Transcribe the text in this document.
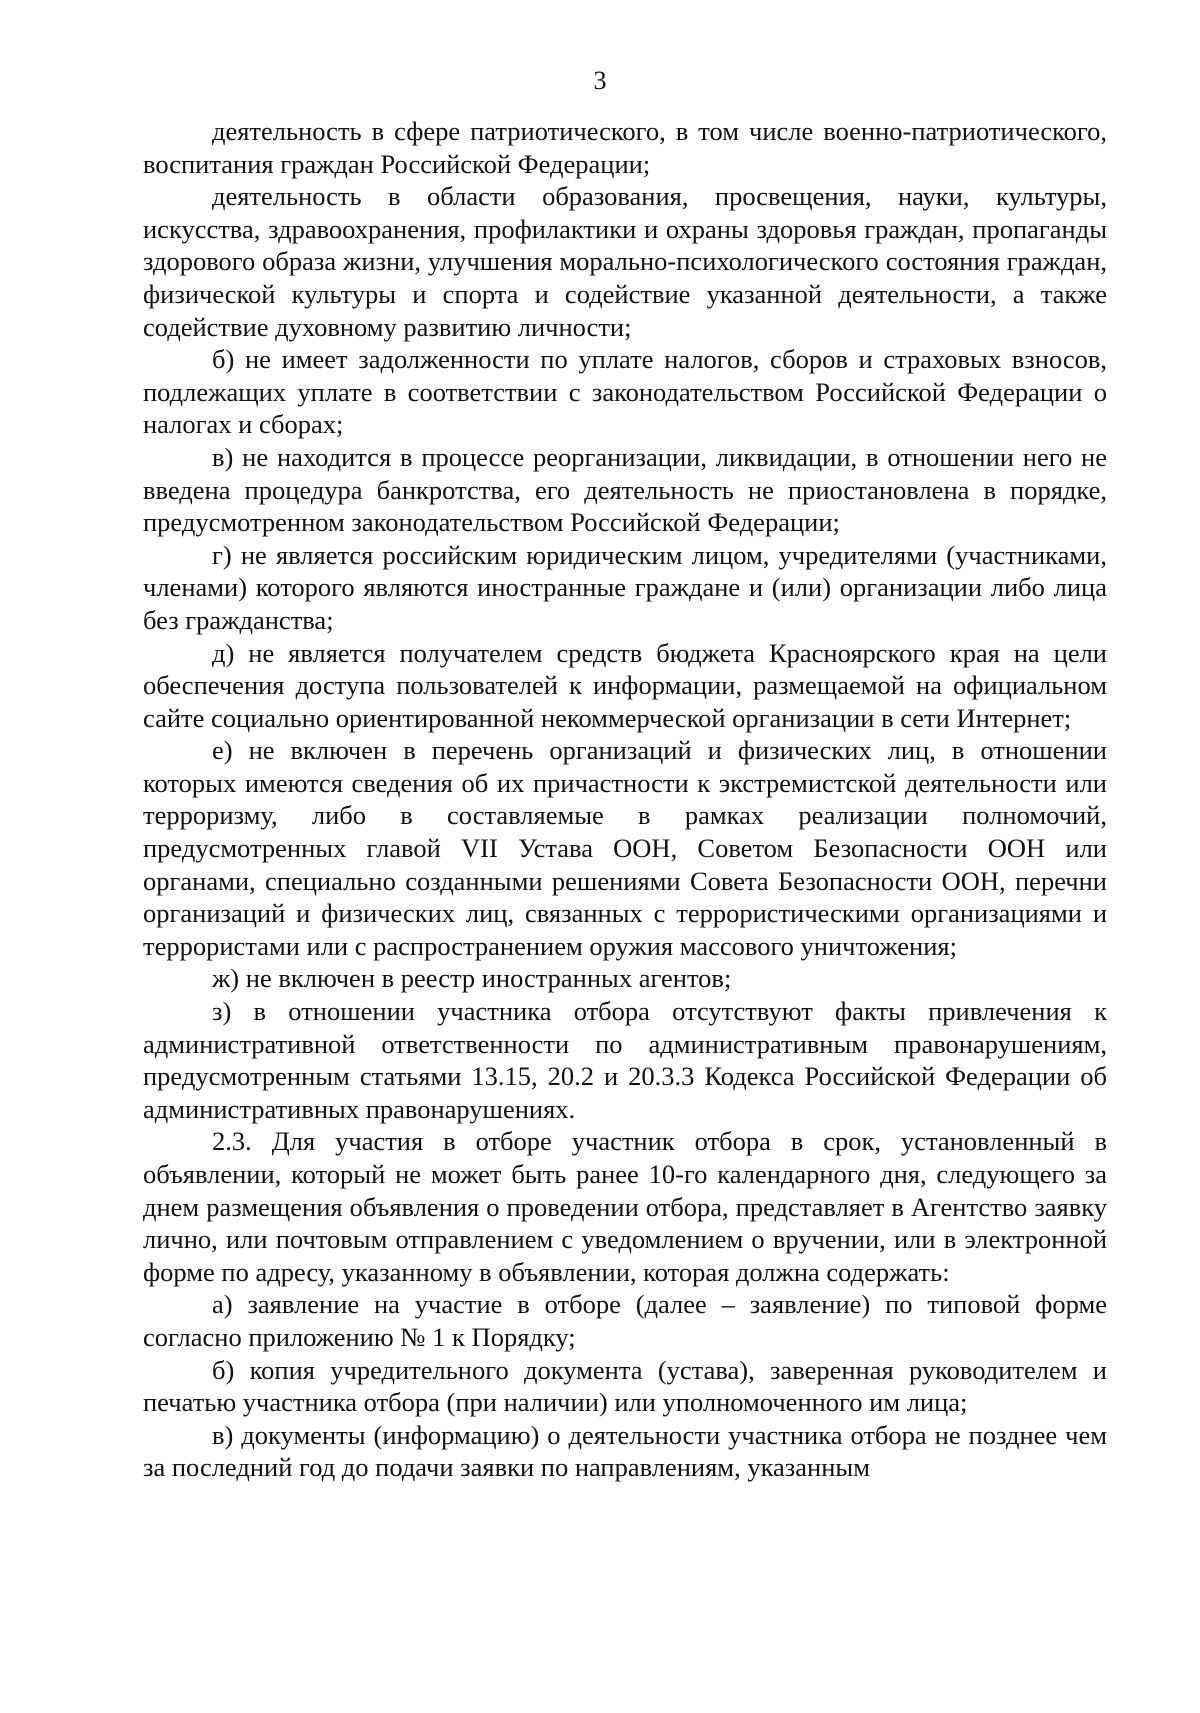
3

деятельность в сфере патриотического, в том числе военно-патриотического, воспитания граждан Российской Федерации;

деятельность в области образования, просвещения, науки, культуры, искусства, здравоохранения, профилактики и охраны здоровья граждан, пропаганды здорового образа жизни, улучшения морально-психологического состояния граждан, физической культуры и спорта и содействие указанной деятельности, а также содействие духовному развитию личности;

б) не имеет задолженности по уплате налогов, сборов и страховых взносов, подлежащих уплате в соответствии с законодательством Российской Федерации о налогах и сборах;

в) не находится в процессе реорганизации, ликвидации, в отношении него не введена процедура банкротства, его деятельность не приостановлена в порядке, предусмотренном законодательством Российской Федерации;

г) не является российским юридическим лицом, учредителями (участниками, членами) которого являются иностранные граждане и (или) организации либо лица без гражданства;

д) не является получателем средств бюджета Красноярского края на цели обеспечения доступа пользователей к информации, размещаемой на официальном сайте социально ориентированной некоммерческой организации в сети Интернет;

е) не включен в перечень организаций и физических лиц, в отношении которых имеются сведения об их причастности к экстремистской деятельности или терроризму, либо в составляемые в рамках реализации полномочий, предусмотренных главой VII Устава ООН, Советом Безопасности ООН или органами, специально созданными решениями Совета Безопасности ООН, перечни организаций и физических лиц, связанных с террористическими организациями и террористами или с распространением оружия массового уничтожения;

ж) не включен в реестр иностранных агентов;

з) в отношении участника отбора отсутствуют факты привлечения к административной ответственности по административным правонарушениям, предусмотренным статьями 13.15, 20.2 и 20.3.3 Кодекса Российской Федерации об административных правонарушениях.

2.3. Для участия в отборе участник отбора в срок, установленный в объявлении, который не может быть ранее 10-го календарного дня, следующего за днем размещения объявления о проведении отбора, представляет в Агентство заявку лично, или почтовым отправлением с уведомлением о вручении, или в электронной форме по адресу, указанному в объявлении, которая должна содержать:

а) заявление на участие в отборе (далее – заявление) по типовой форме согласно приложению № 1 к Порядку;

б) копия учредительного документа (устава), заверенная руководителем и печатью участника отбора (при наличии) или уполномоченного им лица;

в) документы (информацию) о деятельности участника отбора не позднее чем за последний год до подачи заявки по направлениям, указанным
